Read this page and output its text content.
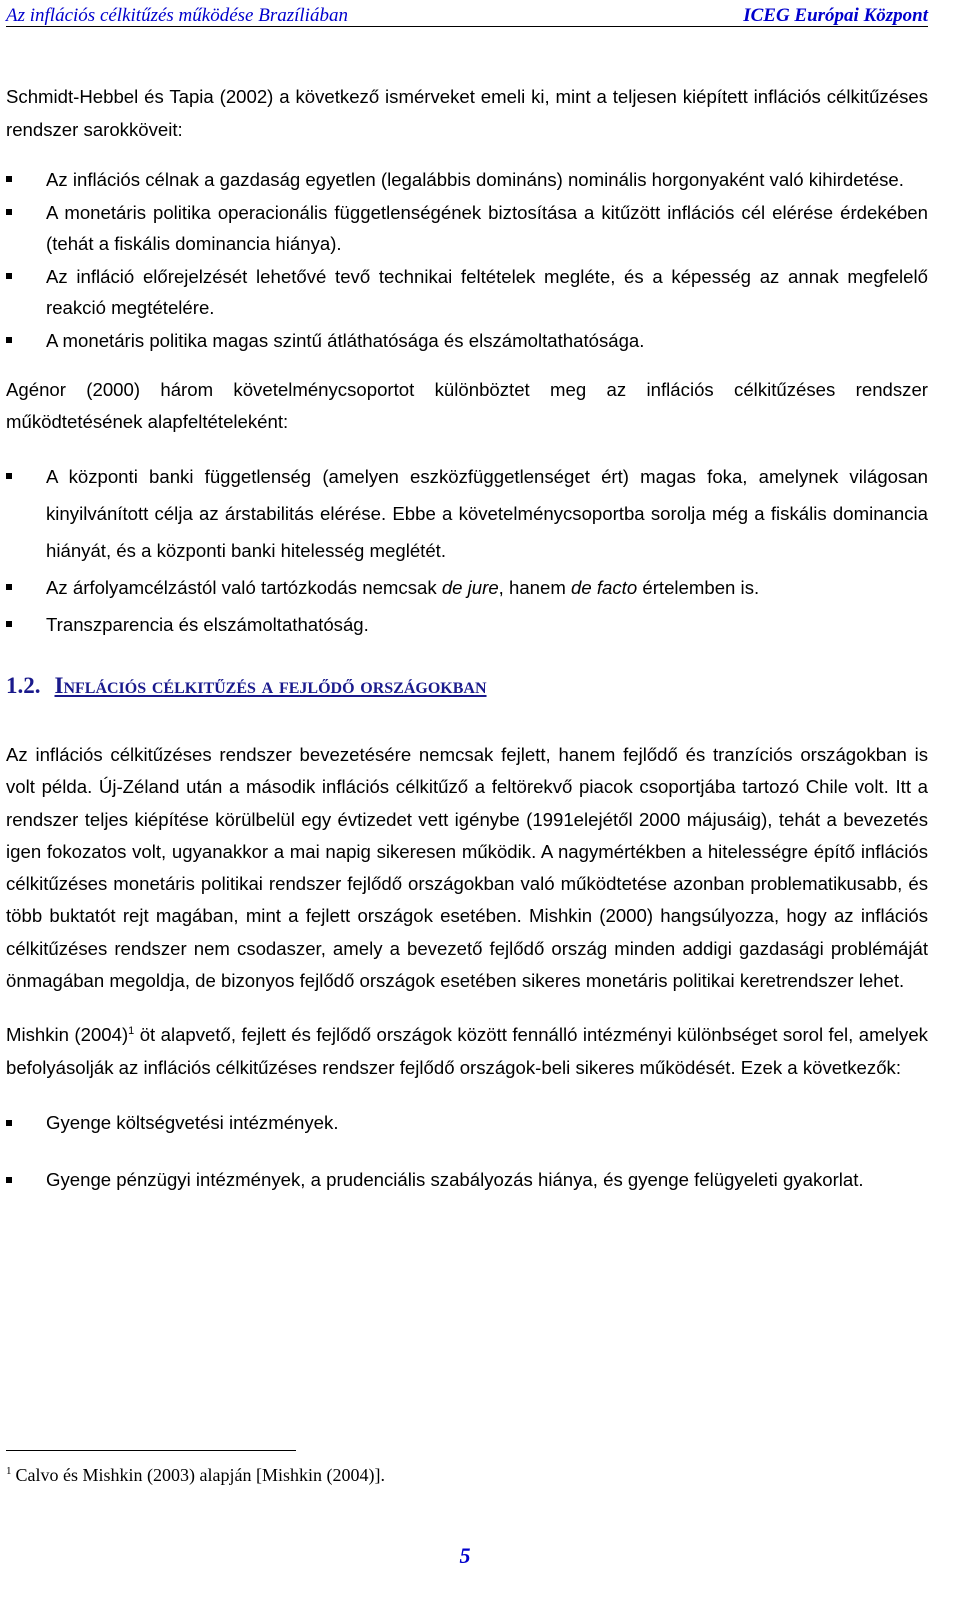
Az inflációs célkitűzés működése Brazíliában	ICEG Európai Központ

Schmidt-Hebbel és Tapia (2002) a következő ismérveket emeli ki, mint a teljesen kiépített inflációs célkitűzéses rendszer sarokköveit:

Az inflációs célnak a gazdaság egyetlen (legalábbis domináns) nominális horgonyaként való kihirdetése.
A monetáris politika operacionális függetlenségének biztosítása a kitűzött inflációs cél elérése érdekében (tehát a fiskális dominancia hiánya).
Az infláció előrejelzését lehetővé tevő technikai feltételek megléte, és a képesség az annak megfelelő reakció megtételére.
A monetáris politika magas szintű átláthatósága és elszámoltathatósága.

Agénor (2000) három követelménycsoportot különböztet meg az inflációs célkitűzéses rendszer működtetésének alapfeltételeként:

A központi banki függetlenség (amelyen eszközfüggetlenséget ért) magas foka, amelynek világosan kinyilvánított célja az árstabilitás elérése. Ebbe a követelménycsoportba sorolja még a fiskális dominancia hiányát, és a központi banki hitelesség meglétét.
Az árfolyamcélzástól való tartózkodás nemcsak de jure, hanem de facto értelemben is.
Transzparencia és elszámoltathatóság.
1.2. Inflációs célkitűzés a fejlődő országokban

Az inflációs célkitűzéses rendszer bevezetésére nemcsak fejlett, hanem fejlődő és tranzíciós országokban is volt példa. Új-Zéland után a második inflációs célkitűző a feltörekvő piacok csoportjába tartozó Chile volt. Itt a rendszer teljes kiépítése körülbelül egy évtizedet vett igénybe (1991elejétől 2000 májusáig), tehát a bevezetés igen fokozatos volt, ugyanakkor a mai napig sikeresen működik. A nagymértékben a hitelességre építő inflációs célkitűzéses monetáris politikai rendszer fejlődő országokban való működtetése azonban problematikusabb, és több buktatót rejt magában, mint a fejlett országok esetében. Mishkin (2000) hangsúlyozza, hogy az inflációs célkitűzéses rendszer nem csodaszer, amely a bevezető fejlődő ország minden addigi gazdasági problémáját önmagában megoldja, de bizonyos fejlődő országok esetében sikeres monetáris politikai keretrendszer lehet.

Mishkin (2004)$^1$ öt alapvető, fejlett és fejlődő országok között fennálló intézményi különbséget sorol fel, amelyek befolyásolják az inflációs célkitűzéses rendszer fejlődő országok-beli sikeres működését. Ezek a következők:

Gyenge költségvetési intézmények.
Gyenge pénzügyi intézmények, a prudenciális szabályozás hiánya, és gyenge felügyeleti gyakorlat.
$^1$ Calvo és Mishkin (2003) alapján [Mishkin (2004)].
5
